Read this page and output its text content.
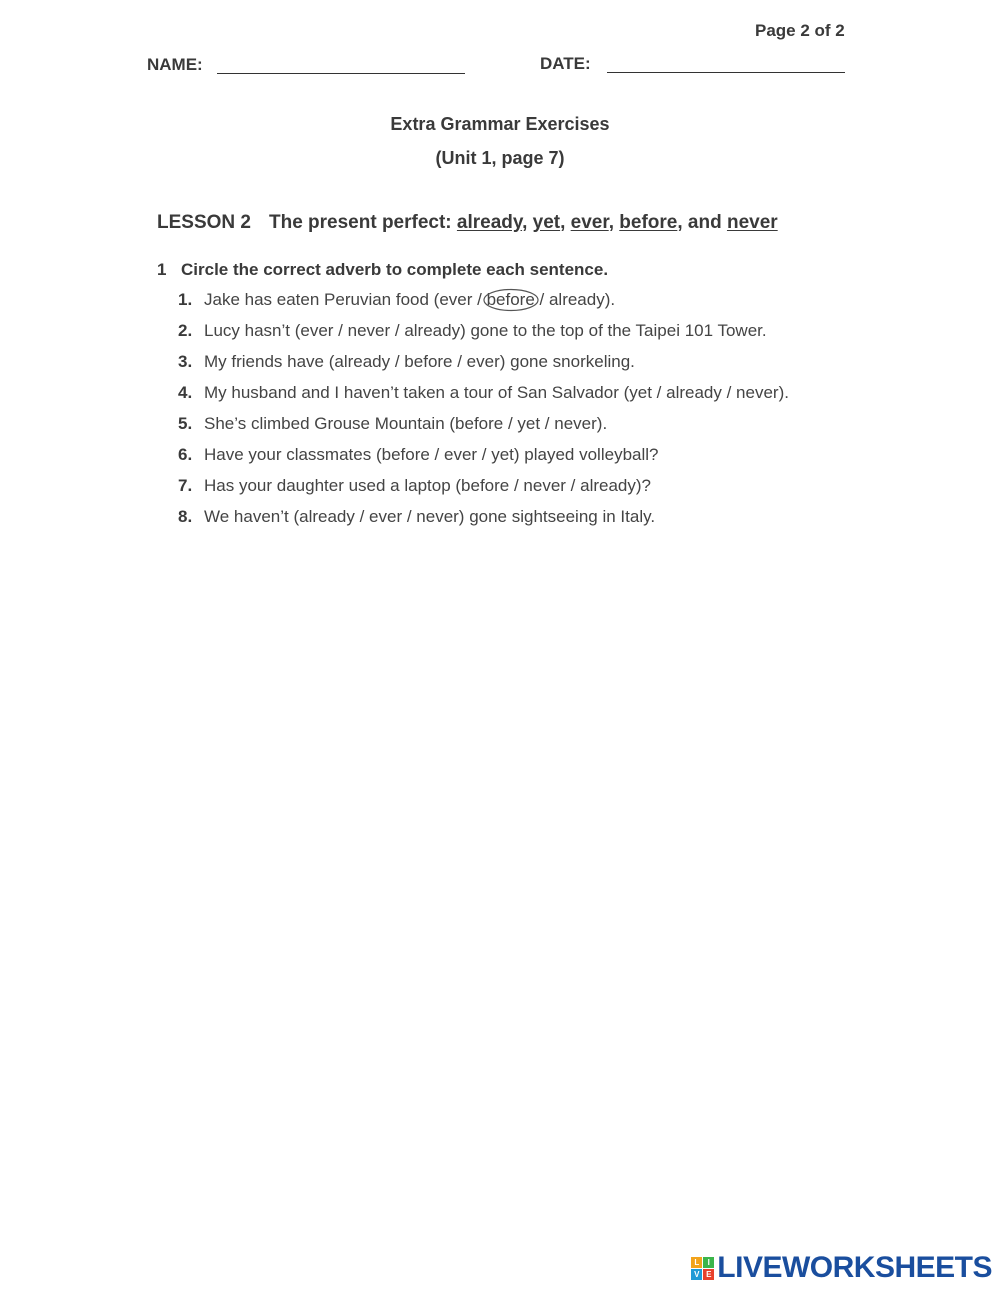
Page 2 of 2
NAME:	DATE:
Extra Grammar Exercises
(Unit 1, page 7)
LESSON 2 The present perfect: already, yet, ever, before, and never
1 Circle the correct adverb to complete each sentence.
1. Jake has eaten Peruvian food (ever / before / already).
2. Lucy hasn’t (ever / never / already) gone to the top of the Taipei 101 Tower.
3. My friends have (already / before / ever) gone snorkeling.
4. My husband and I haven’t taken a tour of San Salvador (yet / already / never).
5. She’s climbed Grouse Mountain (before / yet / never).
6. Have your classmates (before / ever / yet) played volleyball?
7. Has your daughter used a laptop (before / never / already)?
8. We haven’t (already / ever / never) gone sightseeing in Italy.
L	I
V E LIVEWORKSHEETS
